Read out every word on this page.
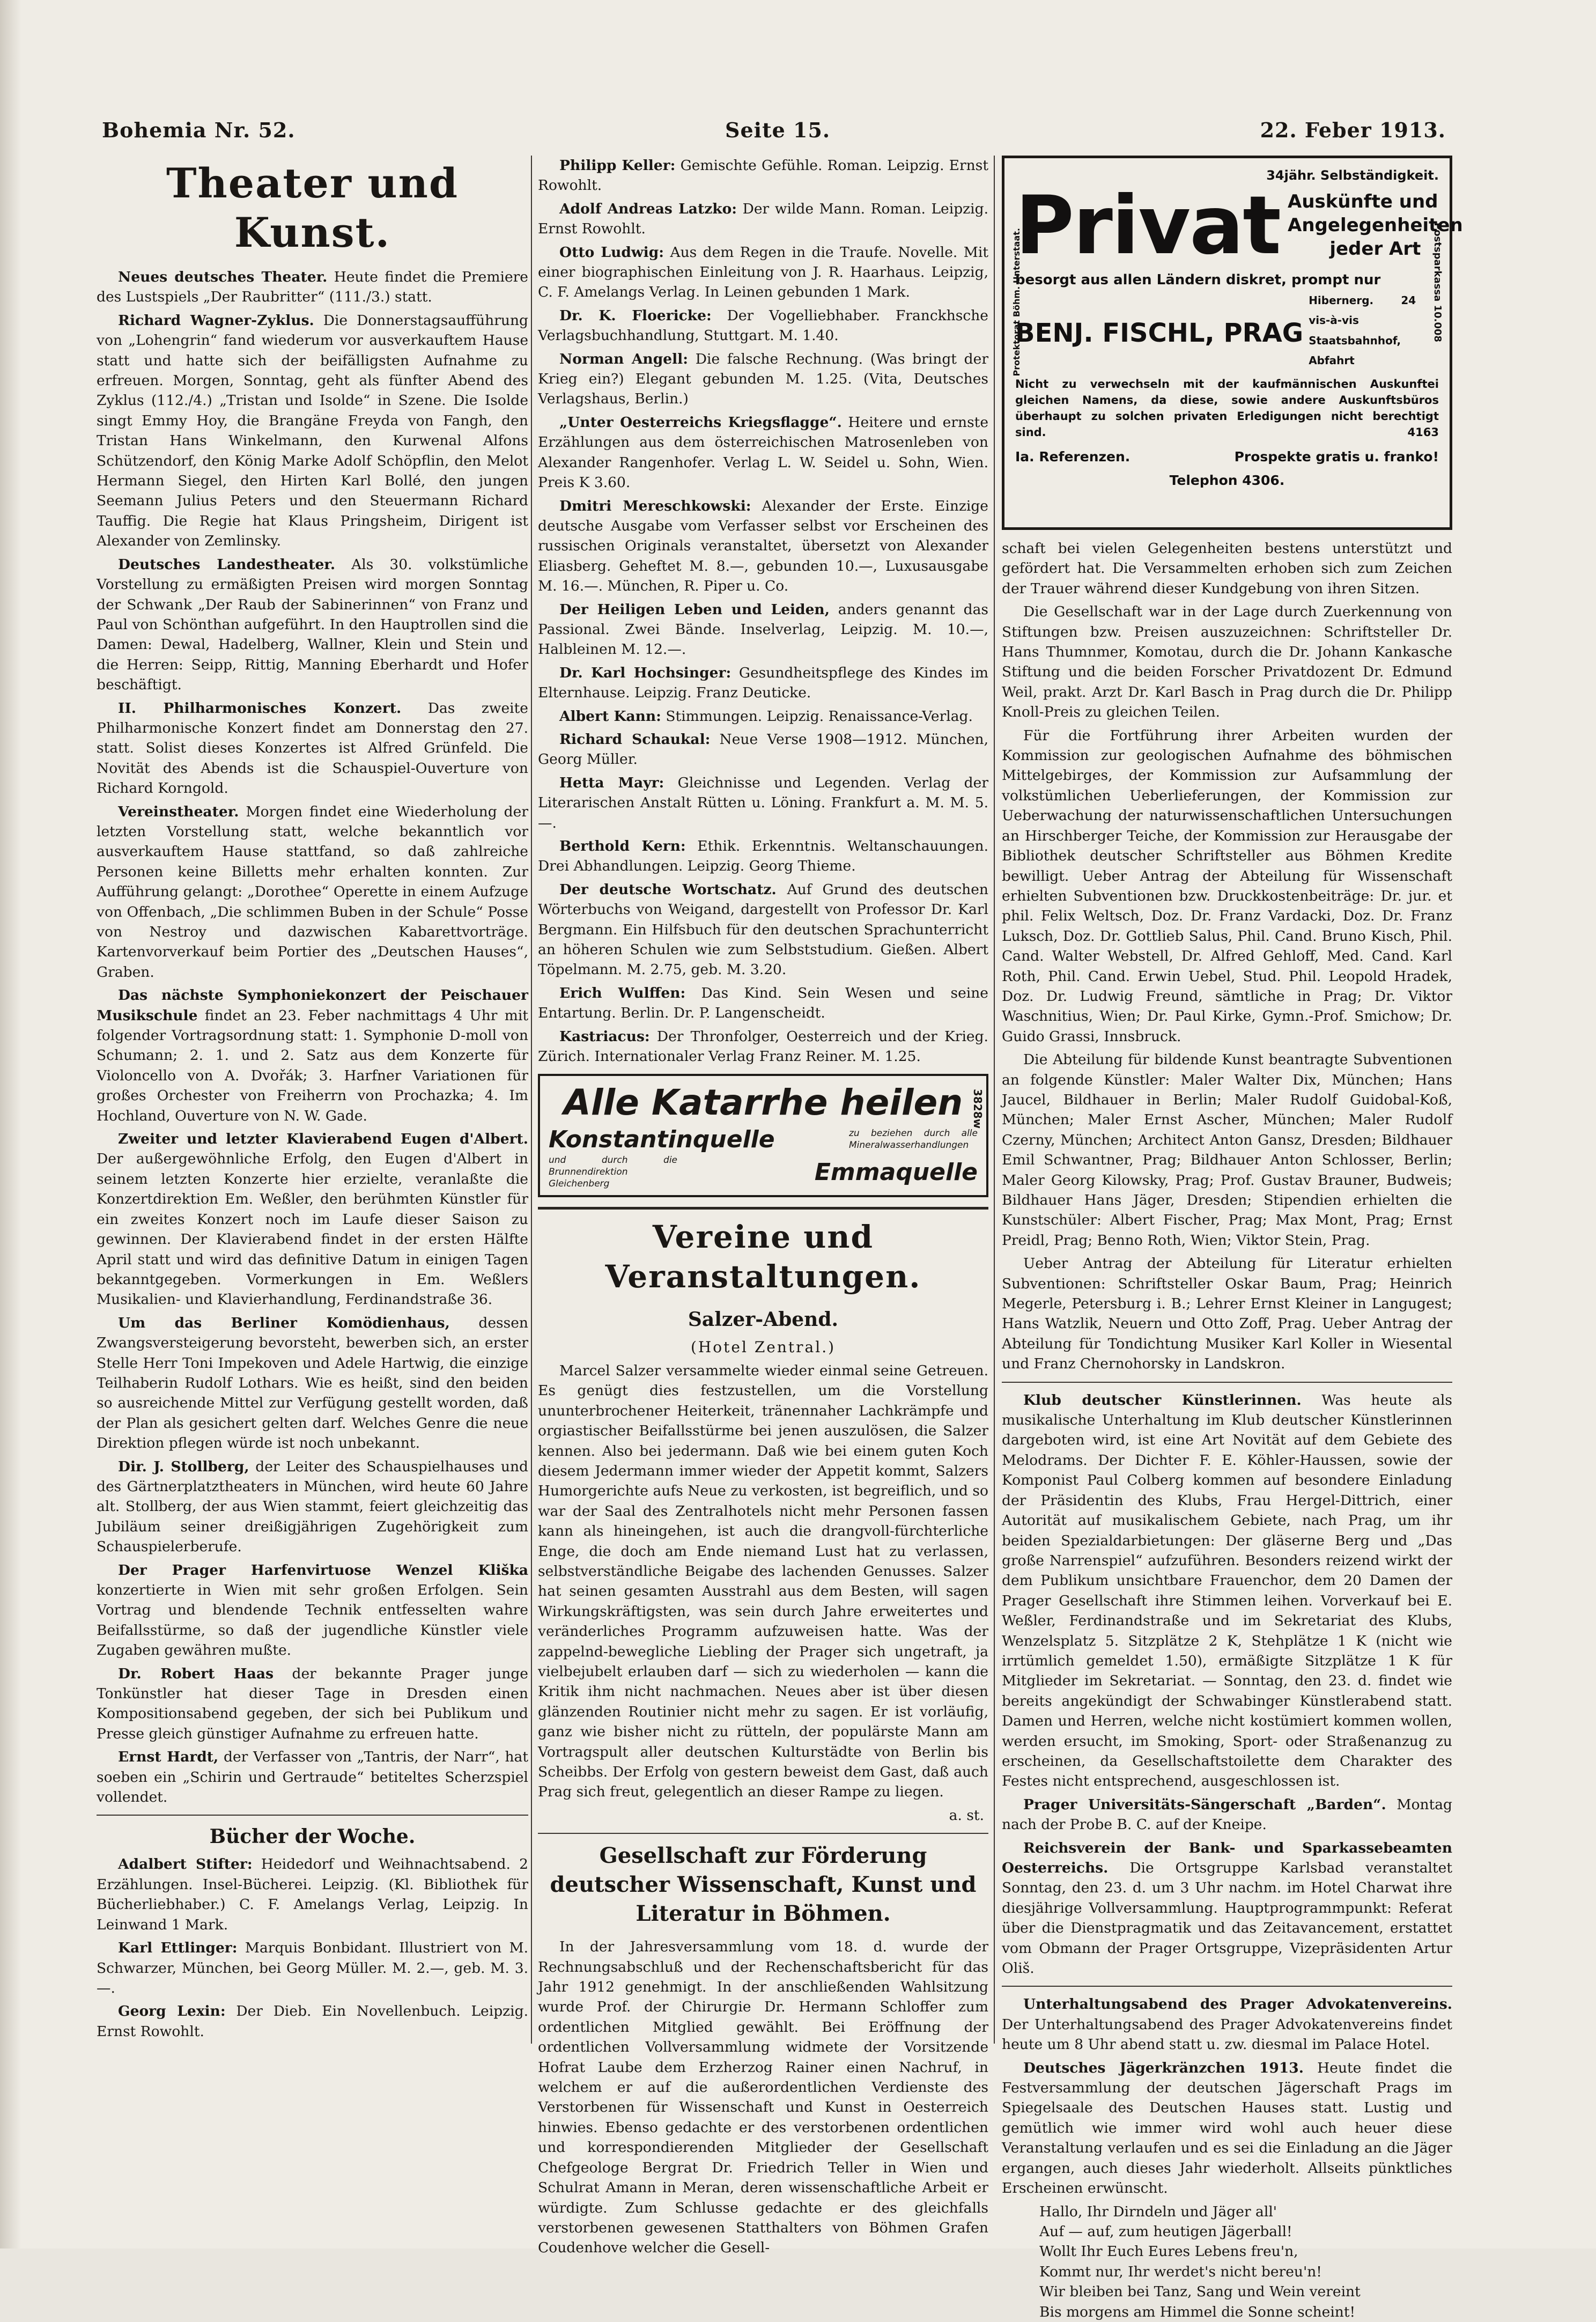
Bohemia Nr. 52.	Seite 15.	22. Feber 1913.
Theater und Kunst.

Neues deutsches Theater. Heute findet die Premiere des Lustspiels „Der Raubritter“ (111./3.) statt.

Richard Wagner-Zyklus. Die Donnerstagsaufführung von „Lohengrin“ fand wiederum vor ausverkauftem Hause statt und hatte sich der beifälligsten Aufnahme zu erfreuen. Morgen, Sonntag, geht als fünfter Abend des Zyklus (112./4.) „Tristan und Isolde“ in Szene. Die Isolde singt Emmy Hoy, die Brangäne Freyda von Fangh, den Tristan Hans Winkelmann, den Kurwenal Alfons Schützendorf, den König Marke Adolf Schöpflin, den Melot Hermann Siegel, den Hirten Karl Bollé, den jungen Seemann Julius Peters und den Steuermann Richard Tauffig. Die Regie hat Klaus Pringsheim, Dirigent ist Alexander von Zemlinsky.

Deutsches Landestheater. Als 30. volkstümliche Vorstellung zu ermäßigten Preisen wird morgen Sonntag der Schwank „Der Raub der Sabinerinnen“ von Franz und Paul von Schönthan aufgeführt. In den Hauptrollen sind die Damen: Dewal, Hadelberg, Wallner, Klein und Stein und die Herren: Seipp, Rittig, Manning Eberhardt und Hofer beschäftigt.

II. Philharmonisches Konzert. Das zweite Philharmonische Konzert findet am Donnerstag den 27. statt. Solist dieses Konzertes ist Alfred Grünfeld. Die Novität des Abends ist die Schauspiel-Ouverture von Richard Korngold.

Vereinstheater. Morgen findet eine Wiederholung der letzten Vorstellung statt, welche bekanntlich vor ausverkauftem Hause stattfand, so daß zahlreiche Personen keine Billetts mehr erhalten konnten. Zur Aufführung gelangt: „Dorothee“ Operette in einem Aufzuge von Offenbach, „Die schlimmen Buben in der Schule“ Posse von Nestroy und dazwischen Kabarettvorträge. Kartenvorverkauf beim Portier des „Deutschen Hauses“, Graben.

Das nächste Symphoniekonzert der Peischauer Musikschule findet an 23. Feber nachmittags 4 Uhr mit folgender Vortragsordnung statt: 1. Symphonie D-moll von Schumann; 2. 1. und 2. Satz aus dem Konzerte für Violoncello von A. Dvořák; 3. Harfner Variationen für großes Orchester von Freiherrn von Prochazka; 4. Im Hochland, Ouverture von N. W. Gade.

Zweiter und letzter Klavierabend Eugen d'Albert. Der außergewöhnliche Erfolg, den Eugen d'Albert in seinem letzten Konzerte hier erzielte, veranlaßte die Konzertdirektion Em. Weßler, den berühmten Künstler für ein zweites Konzert noch im Laufe dieser Saison zu gewinnen. Der Klavierabend findet in der ersten Hälfte April statt und wird das definitive Datum in einigen Tagen bekanntgegeben. Vormerkungen in Em. Weßlers Musikalien- und Klavierhandlung, Ferdinandstraße 36.

Um das Berliner Komödienhaus, dessen Zwangsversteigerung bevorsteht, bewerben sich, an erster Stelle Herr Toni Impekoven und Adele Hartwig, die einzige Teilhaberin Rudolf Lothars. Wie es heißt, sind den beiden so ausreichende Mittel zur Verfügung gestellt worden, daß der Plan als gesichert gelten darf. Welches Genre die neue Direktion pflegen würde ist noch unbekannt.

Dir. J. Stollberg, der Leiter des Schauspielhauses und des Gärtnerplatztheaters in München, wird heute 60 Jahre alt. Stollberg, der aus Wien stammt, feiert gleichzeitig das Jubiläum seiner dreißigjährigen Zugehörigkeit zum Schauspielerberufe.

Der Prager Harfenvirtuose Wenzel Kliška konzertierte in Wien mit sehr großen Erfolgen. Sein Vortrag und blendende Technik entfesselten wahre Beifallsstürme, so daß der jugendliche Künstler viele Zugaben gewähren mußte.

Dr. Robert Haas der bekannte Prager junge Tonkünstler hat dieser Tage in Dresden einen Kompositionsabend gegeben, der sich bei Publikum und Presse gleich günstiger Aufnahme zu erfreuen hatte.

Ernst Hardt, der Verfasser von „Tantris, der Narr“, hat soeben ein „Schirin und Gertraude“ betiteltes Scherzspiel vollendet.

Bücher der Woche.

Adalbert Stifter: Heidedorf und Weihnachtsabend. 2 Erzählungen. Insel-Bücherei. Leipzig. (Kl. Bibliothek für Bücherliebhaber.) C. F. Amelangs Verlag, Leipzig. In Leinwand 1 Mark.

Karl Ettlinger: Marquis Bonbidant. Illustriert von M. Schwarzer, München, bei Georg Müller. M. 2.—, geb. M. 3.—.

Georg Lexin: Der Dieb. Ein Novellenbuch. Leipzig. Ernst Rowohlt.

Philipp Keller: Gemischte Gefühle. Roman. Leipzig. Ernst Rowohlt.

Adolf Andreas Latzko: Der wilde Mann. Roman. Leipzig. Ernst Rowohlt.

Otto Ludwig: Aus dem Regen in die Traufe. Novelle. Mit einer biographischen Einleitung von J. R. Haarhaus. Leipzig, C. F. Amelangs Verlag. In Leinen gebunden 1 Mark.

Dr. K. Floericke: Der Vogelliebhaber. Franckhsche Verlagsbuchhandlung, Stuttgart. M. 1.40.

Norman Angell: Die falsche Rechnung. (Was bringt der Krieg ein?) Elegant gebunden M. 1.25. (Vita, Deutsches Verlagshaus, Berlin.)

„Unter Oesterreichs Kriegsflagge“. Heitere und ernste Erzählungen aus dem österreichischen Matrosenleben von Alexander Rangenhofer. Verlag L. W. Seidel u. Sohn, Wien. Preis K 3.60.

Dmitri Mereschkowski: Alexander der Erste. Einzige deutsche Ausgabe vom Verfasser selbst vor Erscheinen des russischen Originals veranstaltet, übersetzt von Alexander Eliasberg. Geheftet M. 8.—, gebunden 10.—, Luxusausgabe M. 16.—. München, R. Piper u. Co.

Der Heiligen Leben und Leiden, anders genannt das Passional. Zwei Bände. Inselverlag, Leipzig. M. 10.—, Halbleinen M. 12.—.

Dr. Karl Hochsinger: Gesundheitspflege des Kindes im Elternhause. Leipzig. Franz Deuticke.

Albert Kann: Stimmungen. Leipzig. Renaissance-Verlag.

Richard Schaukal: Neue Verse 1908—1912. München, Georg Müller.

Hetta Mayr: Gleichnisse und Legenden. Verlag der Literarischen Anstalt Rütten u. Löning. Frankfurt a. M. M. 5.—.

Berthold Kern: Ethik. Erkenntnis. Weltanschauungen. Drei Abhandlungen. Leipzig. Georg Thieme.

Der deutsche Wortschatz. Auf Grund des deutschen Wörterbuchs von Weigand, dargestellt von Professor Dr. Karl Bergmann. Ein Hilfsbuch für den deutschen Sprachunterricht an höheren Schulen wie zum Selbststudium. Gießen. Albert Töpelmann. M. 2.75, geb. M. 3.20.

Erich Wulffen: Das Kind. Sein Wesen und seine Entartung. Berlin. Dr. P. Langenscheidt.

Kastriacus: Der Thronfolger, Oesterreich und der Krieg. Zürich. Internationaler Verlag Franz Reiner. M. 1.25.

Alle Katarrhe heilen
Konstantinquelle	zu beziehen durch alle Mineralwasserhandlungen
und durch die Brunnendirektion Gleichenberg	Emmaquelle
3828w
Vereine und Veranstaltungen.
Salzer-Abend.
(Hotel Zentral.)

Marcel Salzer versammelte wieder einmal seine Getreuen. Es genügt dies festzustellen, um die Vorstellung ununterbrochener Heiterkeit, tränennaher Lachkrämpfe und orgiastischer Beifallsstürme bei jenen auszulösen, die Salzer kennen. Also bei jedermann. Daß wie bei einem guten Koch diesem Jedermann immer wieder der Appetit kommt, Salzers Humorgerichte aufs Neue zu verkosten, ist begreiflich, und so war der Saal des Zentralhotels nicht mehr Personen fassen kann als hineingehen, ist auch die drangvoll-fürchterliche Enge, die doch am Ende niemand Lust hat zu verlassen, selbstverständliche Beigabe des lachenden Genusses. Salzer hat seinen gesamten Ausstrahl aus dem Besten, will sagen Wirkungskräftigsten, was sein durch Jahre erweitertes und veränderliches Programm aufzuweisen hatte. Was der zappelnd-bewegliche Liebling der Prager sich ungetraft, ja vielbejubelt erlauben darf — sich zu wiederholen — kann die Kritik ihm nicht nachmachen. Neues aber ist über diesen glänzenden Routinier nicht mehr zu sagen. Er ist vorläufig, ganz wie bisher nicht zu rütteln, der populärste Mann am Vortragspult aller deutschen Kulturstädte von Berlin bis Scheibbs. Der Erfolg von gestern beweist dem Gast, daß auch Prag sich freut, gelegentlich an dieser Rampe zu liegen.

a. st.
Gesellschaft zur Förderung deutscher Wissenschaft, Kunst und Literatur in Böhmen.

In der Jahresversammlung vom 18. d. wurde der Rechnungsabschluß und der Rechenschaftsbericht für das Jahr 1912 genehmigt. In der anschließenden Wahlsitzung wurde Prof. der Chirurgie Dr. Hermann Schloffer zum ordentlichen Mitglied gewählt. Bei Eröffnung der ordentlichen Vollversammlung widmete der Vorsitzende Hofrat Laube dem Erzherzog Rainer einen Nachruf, in welchem er auf die außerordentlichen Verdienste des Verstorbenen für Wissenschaft und Kunst in Oesterreich hinwies. Ebenso gedachte er des verstorbenen ordentlichen und korrespondierenden Mitglieder der Gesellschaft Chefgeologe Bergrat Dr. Friedrich Teller in Wien und Schulrat Amann in Meran, deren wissenschaftliche Arbeit er würdigte. Zum Schlusse gedachte er des gleichfalls verstorbenen gewesenen Statthalters von Böhmen Grafen Coudenhove welcher die Gesell-

34jähr. Selbständigkeit.
Privat Auskünfte und
Angelegenheiten
jeder Art
besorgt aus allen Ländern diskret, prompt nur
BENJ. FISCHL, PRAG
Hibernerg. 24 vis-à-vis Staatsbahnhof, Abfahrt
Nicht zu verwechseln mit der kaufmännischen Auskunftei gleichen Namens, da diese, sowie andere Auskunftsbüros überhaupt zu solchen privaten Erledigungen nicht berechtigt sind.	4163
Ia. Referenzen.	Prospekte gratis u. franko!
Telephon 4306.
Protektorat Böhm. Unterstaat.	Postsparkassa 10.008

schaft bei vielen Gelegenheiten bestens unterstützt und gefördert hat. Die Versammelten erhoben sich zum Zeichen der Trauer während dieser Kundgebung von ihren Sitzen.

Die Gesellschaft war in der Lage durch Zuerkennung von Stiftungen bzw. Preisen auszuzeichnen: Schriftsteller Dr. Hans Thumnmer, Komotau, durch die Dr. Johann Kankasche Stiftung und die beiden Forscher Privatdozent Dr. Edmund Weil, prakt. Arzt Dr. Karl Basch in Prag durch die Dr. Philipp Knoll-Preis zu gleichen Teilen.

Für die Fortführung ihrer Arbeiten wurden der Kommission zur geologischen Aufnahme des böhmischen Mittelgebirges, der Kommission zur Aufsammlung der volkstümlichen Ueberlieferungen, der Kommission zur Ueberwachung der naturwissenschaftlichen Untersuchungen an Hirschberger Teiche, der Kommission zur Herausgabe der Bibliothek deutscher Schriftsteller aus Böhmen Kredite bewilligt. Ueber Antrag der Abteilung für Wissenschaft erhielten Subventionen bzw. Druckkostenbeiträge: Dr. jur. et phil. Felix Weltsch, Doz. Dr. Franz Vardacki, Doz. Dr. Franz Luksch, Doz. Dr. Gottlieb Salus, Phil. Cand. Bruno Kisch, Phil. Cand. Walter Webstell, Dr. Alfred Gehloff, Med. Cand. Karl Roth, Phil. Cand. Erwin Uebel, Stud. Phil. Leopold Hradek, Doz. Dr. Ludwig Freund, sämtliche in Prag; Dr. Viktor Waschnitius, Wien; Dr. Paul Kirke, Gymn.-Prof. Smichow; Dr. Guido Grassi, Innsbruck.

Die Abteilung für bildende Kunst beantragte Subventionen an folgende Künstler: Maler Walter Dix, München; Hans Jaucel, Bildhauer in Berlin; Maler Rudolf Guidobal-Koß, München; Maler Ernst Ascher, München; Maler Rudolf Czerny, München; Architect Anton Gansz, Dresden; Bildhauer Emil Schwantner, Prag; Bildhauer Anton Schlosser, Berlin; Maler Georg Kilowsky, Prag; Prof. Gustav Brauner, Budweis; Bildhauer Hans Jäger, Dresden; Stipendien erhielten die Kunstschüler: Albert Fischer, Prag; Max Mont, Prag; Ernst Preidl, Prag; Benno Roth, Wien; Viktor Stein, Prag.

Ueber Antrag der Abteilung für Literatur erhielten Subventionen: Schriftsteller Oskar Baum, Prag; Heinrich Megerle, Petersburg i. B.; Lehrer Ernst Kleiner in Langugest; Hans Watzlik, Neuern und Otto Zoff, Prag. Ueber Antrag der Abteilung für Tondichtung Musiker Karl Koller in Wiesental und Franz Chernohorsky in Landskron.

Klub deutscher Künstlerinnen. Was heute als musikalische Unterhaltung im Klub deutscher Künstlerinnen dargeboten wird, ist eine Art Novität auf dem Gebiete des Melodrams. Der Dichter F. E. Köhler-Haussen, sowie der Komponist Paul Colberg kommen auf besondere Einladung der Präsidentin des Klubs, Frau Hergel-Dittrich, einer Autorität auf musikalischem Gebiete, nach Prag, um ihr beiden Spezialdarbietungen: Der gläserne Berg und „Das große Narrenspiel“ aufzuführen. Besonders reizend wirkt der dem Publikum unsichtbare Frauenchor, dem 20 Damen der Prager Gesellschaft ihre Stimmen leihen. Vorverkauf bei E. Weßler, Ferdinandstraße und im Sekretariat des Klubs, Wenzelsplatz 5. Sitzplätze 2 K, Stehplätze 1 K (nicht wie irrtümlich gemeldet 1.50), ermäßigte Sitzplätze 1 K für Mitglieder im Sekretariat. — Sonntag, den 23. d. findet wie bereits angekündigt der Schwabinger Künstlerabend statt. Damen und Herren, welche nicht kostümiert kommen wollen, werden ersucht, im Smoking, Sport- oder Straßenanzug zu erscheinen, da Gesellschaftstoilette dem Charakter des Festes nicht entsprechend, ausgeschlossen ist.

Prager Universitäts-Sängerschaft „Barden“. Montag nach der Probe B. C. auf der Kneipe.

Reichsverein der Bank- und Sparkassebeamten Oesterreichs. Die Ortsgruppe Karlsbad veranstaltet Sonntag, den 23. d. um 3 Uhr nachm. im Hotel Charwat ihre diesjährige Vollversammlung. Hauptprogrammpunkt: Referat über die Dienstpragmatik und das Zeitavancement, erstattet vom Obmann der Prager Ortsgruppe, Vizepräsidenten Artur Oliš.

Unterhaltungsabend des Prager Advokatenvereins. Der Unterhaltungsabend des Prager Advokatenvereins findet heute um 8 Uhr abend statt u. zw. diesmal im Palace Hotel.

Deutsches Jägerkränzchen 1913. Heute findet die Festversammlung der deutschen Jägerschaft Prags im Spiegelsaale des Deutschen Hauses statt. Lustig und gemütlich wie immer wird wohl auch heuer diese Veranstaltung verlaufen und es sei die Einladung an die Jäger ergangen, auch dieses Jahr wiederholt. Allseits pünktliches Erscheinen erwünscht.

Hallo, Ihr Dirndeln und Jäger all'
Auf — auf, zum heutigen Jägerball!
Wollt Ihr Euch Eures Lebens freu'n,
Kommt nur, Ihr werdet's nicht bereu'n!
Wir bleiben bei Tanz, Sang und Wein vereint
Bis morgens am Himmel die Sonne scheint!
